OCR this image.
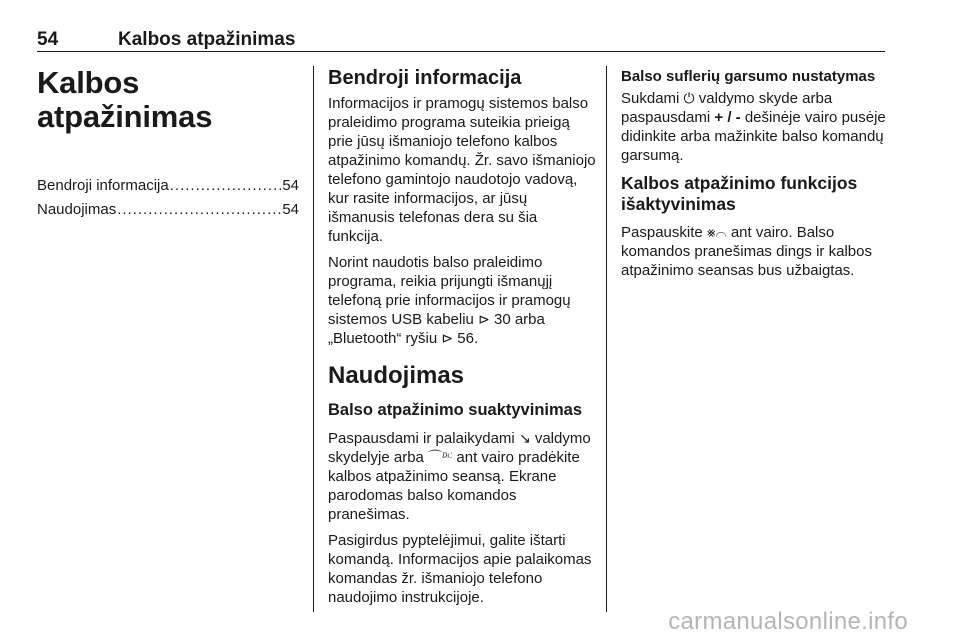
54	Kalbos atpažinimas
Kalbos atpažinimas
Bendroji informacija .....	54
Naudojimas .....	54
Bendroji informacija

Informacijos ir pramogų sistemos balso praleidimo programa suteikia prieigą prie jūsų išmaniojo telefono kalbos atpažinimo komandų. Žr. savo išmaniojo telefono gamintojo naudotojo vadovą, kur rasite informacijos, ar jūsų išmanusis telefonas dera su šia funkcija.

Norint naudotis balso praleidimo programa, reikia prijungti išmanųjį telefoną prie informacijos ir pramogų sistemos USB kabeliu ⊳ 30 arba „Bluetooth“ ryšiu ⊳ 56.

Naudojimas
Balso atpažinimo suaktyvinimas

Paspausdami ir palaikydami ↘ valdymo skydelyje arba ⌒𝄊 ant vairo pradėkite kalbos atpažinimo seansą. Ekrane parodomas balso komandos pranešimas.

Pasigirdus pyptelėjimui, galite ištarti komandą. Informacijos apie palaikomas komandas žr. išmaniojo telefono naudojimo instrukcijoje.

Balso suflerių garsumo nustatymas

Sukdami ⏻ valdymo skyde arba paspausdami + / - dešinėje vairo pusėje didinkite arba mažinkite balso komandų garsumą.

Kalbos atpažinimo funkcijos išaktyvinimas

Paspauskite ⨳⌒ ant vairo. Balso komandos pranešimas dings ir kalbos atpažinimo seansas bus užbaigtas.

carmanualsonline.info
